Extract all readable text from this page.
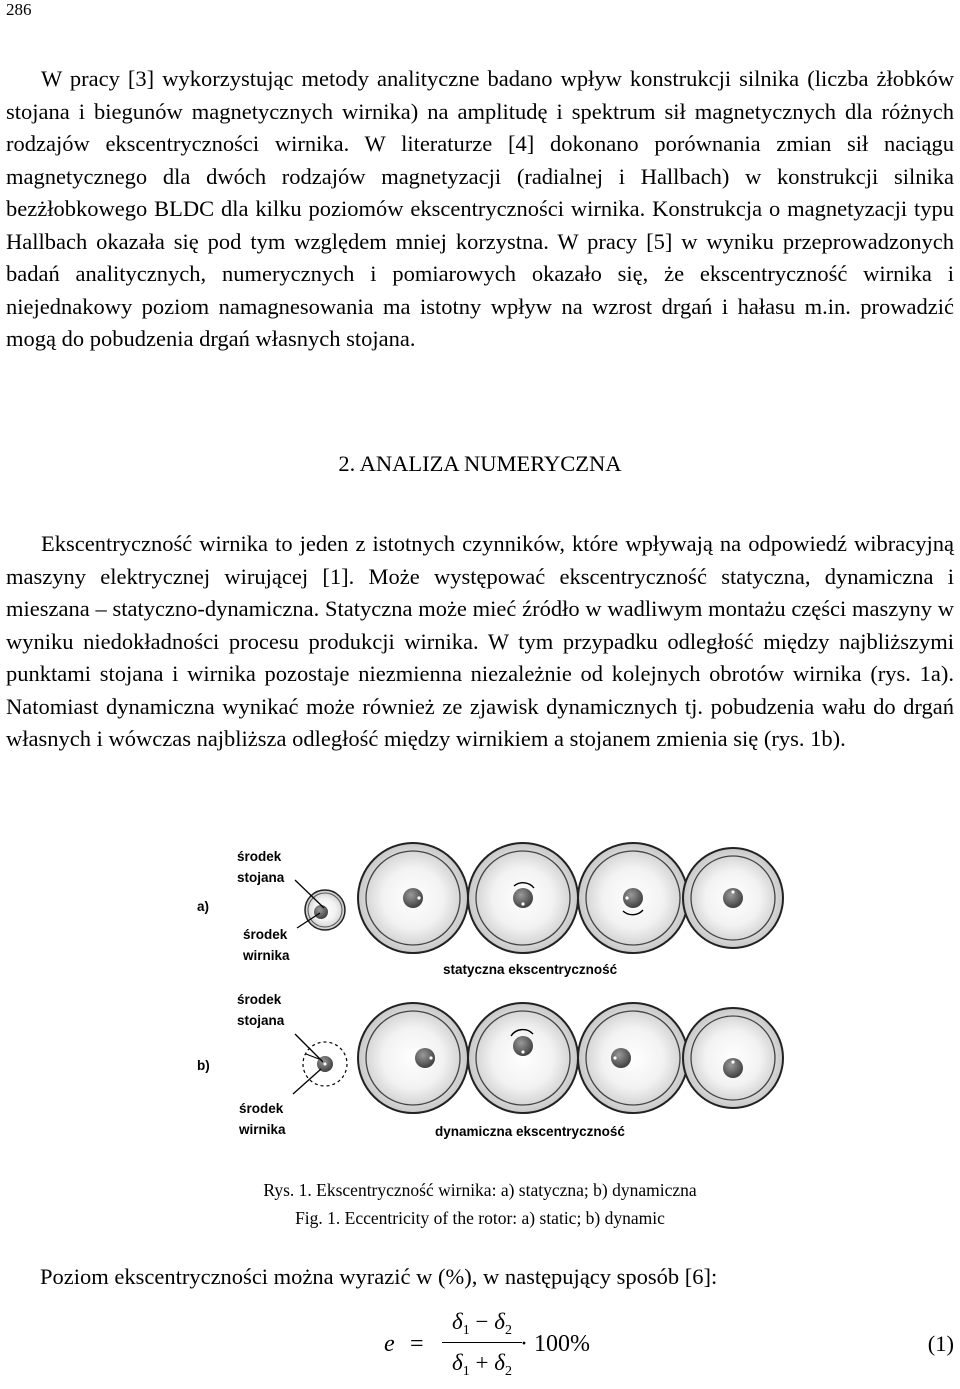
286

W pracy [3] wykorzystując metody analityczne badano wpływ konstrukcji silnika (liczba żłobków stojana i biegunów magnetycznych wirnika) na amplitudę i spektrum sił magnetycznych dla różnych rodzajów ekscentryczności wirnika. W literaturze [4] dokonano porównania zmian sił naciągu magnetycznego dla dwóch rodzajów magnetyzacji (radialnej i Hallbach) w konstrukcji silnika bezżłobkowego BLDC dla kilku poziomów ekscentryczności wirnika. Konstrukcja o magnetyzacji typu Hallbach okazała się pod tym względem mniej korzystna. W pracy [5] w wyniku przeprowadzonych badań analitycznych, numerycznych i pomiarowych okazało się, że ekscentryczność wirnika i niejednakowy poziom namagnesowania ma istotny wpływ na wzrost drgań i hałasu m.in. prowadzić mogą do pobudzenia drgań własnych stojana.

2. ANALIZA NUMERYCZNA

Ekscentryczność wirnika to jeden z istotnych czynników, które wpływają na odpowiedź wibracyjną maszyny elektrycznej wirującej [1]. Może występować ekscentryczność statyczna, dynamiczna i mieszana – statyczno-dynamiczna. Statyczna może mieć źródło w wadliwym montażu części maszyny w wyniku niedokładności procesu produkcji wirnika. W tym przypadku odległość między najbliższymi punktami stojana i wirnika pozostaje niezmienna niezależnie od kolejnych obrotów wirnika (rys. 1a). Natomiast dynamiczna wynikać może również ze zjawisk dynamicznych tj. pobudzenia wału do drgań własnych i wówczas najbliższa odległość między wirnikiem a stojanem zmienia się (rys. 1b).

a)
środek
stojana
środek
wirnika
statyczna ekscentryczność
środek
stojana
b)
środek
wirnika	dynamiczna ekscentryczność
Rys. 1. Ekscentryczność wirnika: a) statyczna; b) dynamiczna
Fig. 1. Eccentricity of the rotor: a) static; b) dynamic
Poziom ekscentryczności można wyrazić w (%), w następujący sposób [6]:
e =
$\delta_1 - \delta_2$
$\delta_1 + \delta_2$
· 100%	(1)
